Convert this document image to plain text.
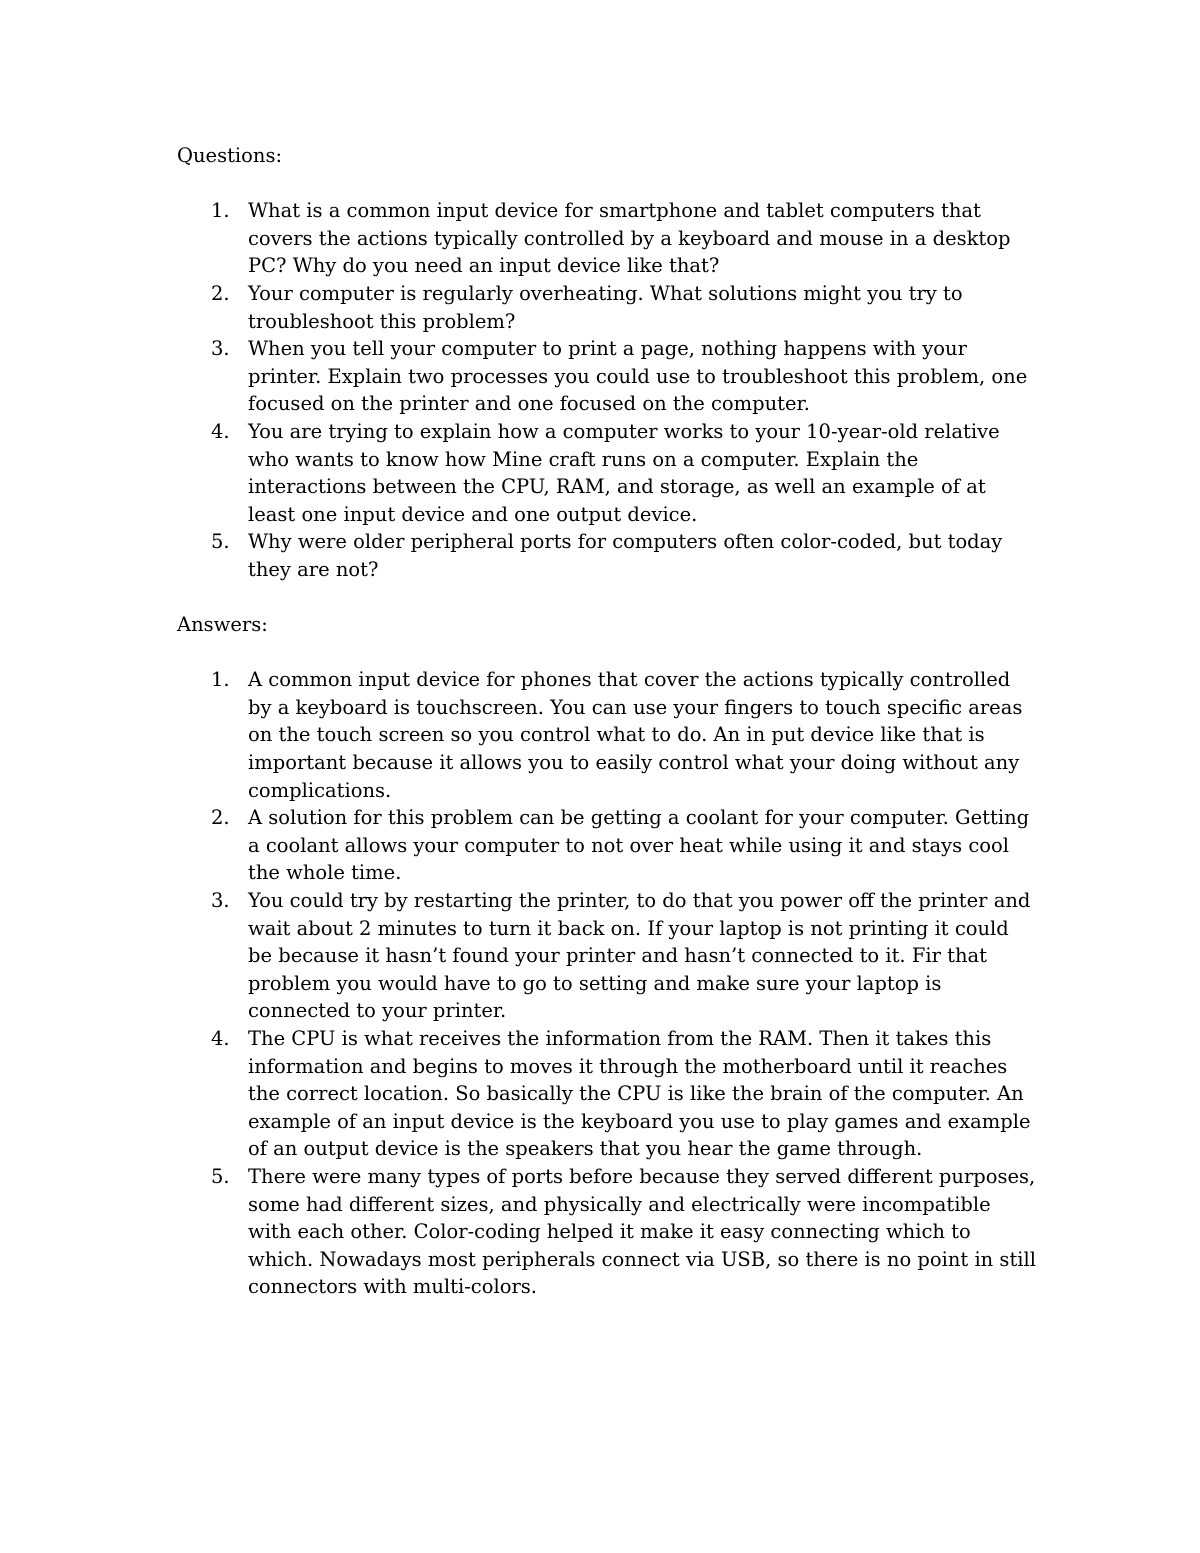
Questions:

1. What is a common input device for smartphone and tablet computers that covers the actions typically controlled by a keyboard and mouse in a desktop PC? Why do you need an input device like that?
2. Your computer is regularly overheating. What solutions might you try to troubleshoot this problem?
3. When you tell your computer to print a page, nothing happens with your printer. Explain two processes you could use to troubleshoot this problem, one focused on the printer and one focused on the computer.
4. You are trying to explain how a computer works to your 10-year-old relative who wants to know how Mine craft runs on a computer. Explain the interactions between the CPU, RAM, and storage, as well an example of at least one input device and one output device.
5. Why were older peripheral ports for computers often color-coded, but today they are not?

Answers:

1. A common input device for phones that cover the actions typically controlled by a keyboard is touchscreen. You can use your fingers to touch specific areas on the touch screen so you control what to do. An in put device like that is important because it allows you to easily control what your doing without any complications.
2. A solution for this problem can be getting a coolant for your computer. Getting a coolant allows your computer to not over heat while using it and stays cool the whole time.
3. You could try by restarting the printer, to do that you power off the printer and wait about 2 minutes to turn it back on. If your laptop is not printing it could be because it hasn’t found your printer and hasn’t connected to it. Fir that problem you would have to go to setting and make sure your laptop is connected to your printer.
4. The CPU is what receives the information from the RAM. Then it takes this information and begins to moves it through the motherboard until it reaches the correct location. So basically the CPU is like the brain of the computer. An example of an input device is the keyboard you use to play games and example of an output device is the speakers that you hear the game through.
5. There were many types of ports before because they served different purposes, some had different sizes, and physically and electrically were incompatible with each other. Color-coding helped it make it easy connecting which to which. Nowadays most peripherals connect via USB, so there is no point in still connectors with multi-colors.
